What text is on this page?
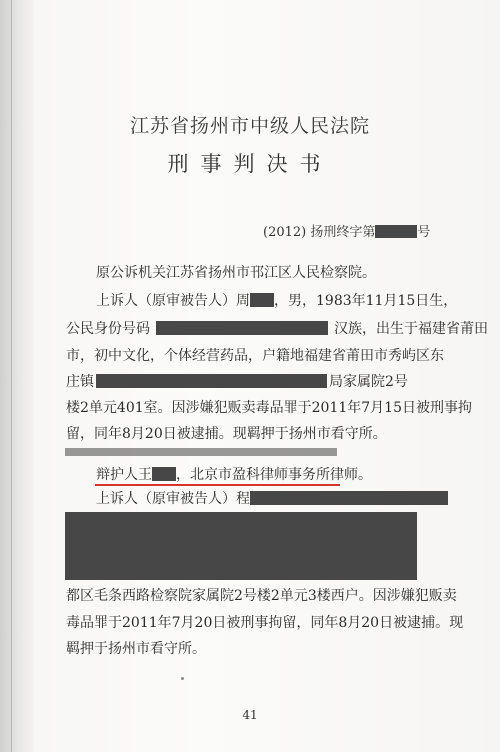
江苏省扬州市中级人民法院
刑事判决书
(2012) 扬刑终字第	号
原公诉机关江苏省扬州市邗江区人民检察院。
上诉人（原审被告人）周 ，男，1983年11月15日生，
公民身份号码	汉族，出生于福建省莆田
市，初中文化，个体经营药品，户籍地福建省莆田市秀屿区东
庄镇	局家属院2号
楼2单元401室。因涉嫌犯贩卖毒品罪于2011年7月15日被刑事拘
留，同年8月20日被逮捕。现羁押于扬州市看守所。
辩护人王 ，北京市盈科律师事务所律师。
上诉人（原审被告人）程
都区毛条西路检察院家属院2号楼2单元3楼西户。因涉嫌犯贩卖
毒品罪于2011年7月20日被刑事拘留，同年8月20日被逮捕。现
羁押于扬州市看守所。
41
